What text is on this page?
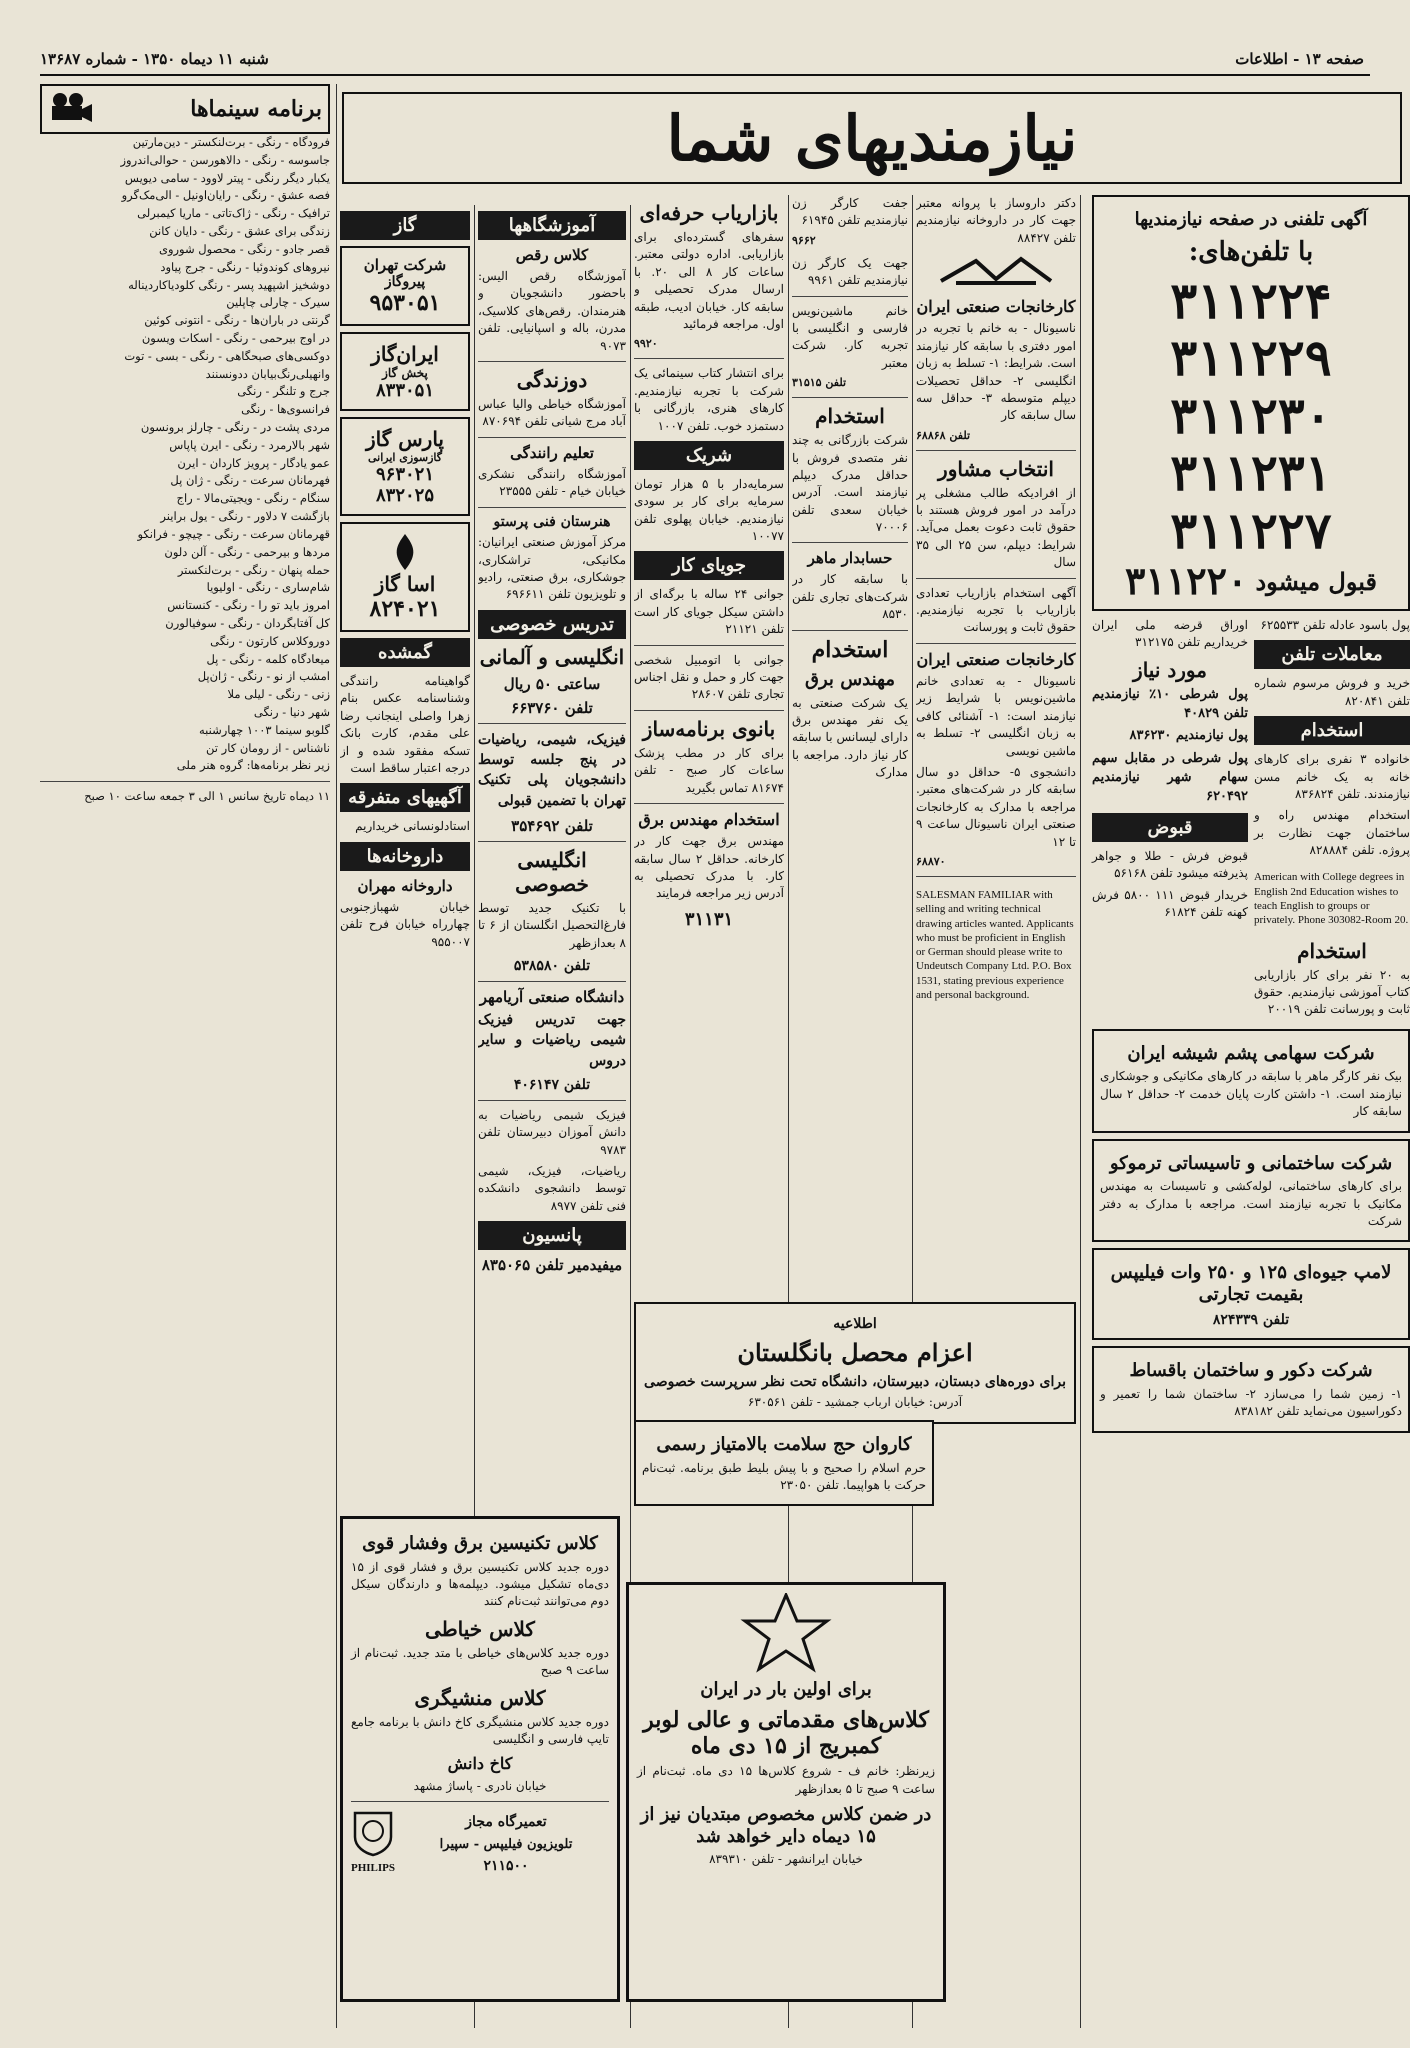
صفحه ۱۳ - اطلاعات
شنبه ۱۱ دیماه ۱۳۵۰ - شماره ۱۳۶۸۷
نیازمندیهای شما
برنامه سینماها
فرودگاه - رنگی - برت‌لنکستر - دین‌مارتین
جاسوسه - رنگی - دالاهورسن - حوالی‌اندروز
یکبار دیگر رنگی - پیتر لاوود - سامی دیویس
فصه عشق - رنگی - رایان‌اونیل - الی‌مک‌گرو
ترافیک - رنگی - ژاک‌تاتی - ماریا کیمبرلی
زندگی برای عشق - رنگی - دایان کانن
قصر جادو - رنگی - محصول شوروی
نیروهای کوندوئیا - رنگی - جرج پیاود
دوشخیز اشپهید پسر - رنگی کلودیاکاردیناله
سیرک - چارلی چاپلین
گرنتی در باران‌ها - رنگی - انتونی کوئین
در اوج بیرحمی - رنگی - اسکات ویسون
دوکسی‌های صبحگاهی - رنگی - بسی - توت
وانهیلی‌رنگ‌بیابان ددونسنند
جرج و تلنگر - رنگی
فرانسوی‌ها - رنگی
مردی پشت در - رنگی - چارلز برونسون
شهر بالارمرد - رنگی - ایرن پاپاس
عمو یادگار - پرویز کاردان - ایرن
فهرمانان سرعت - رنگی - ژان پل
سنگام - رنگی - ویجیتی‌مالا - راج
بازگشت ۷ دلاور - رنگی - یول براینر
قهرمانان سرعت - رنگی - چیچو - فرانکو
مردها و بیرحمی - رنگی - آلن دلون
حمله پنهان - رنگی - برت‌لنکستر
شام‌ساری - رنگی - اولیویا
امروز باید تو را - رنگی - کنستانس
کل آفتابگردان - رنگی - سوفیالورن
دوروکلاس کارتون - رنگی
میعادگاه کلمه - رنگی - پل
امشب از نو - رنگی - ژان‌پل
زنی - رنگی - لیلی ملا
شهر دنیا - رنگی
گلوبو سینما ۱۰۰۳ چهارشنبه
ناشناس - از رومان کار تن
زیر نظر برنامه‌ها: گروه هنر ملی
۱۱ دیماه تاریخ سانس ۱ الی ۳ جمعه ساعت ۱۰ صبح
گاز
شرکت تهران
پیرو‌گاز
۹۵۳۰۵۱
ایران‌گاز
پخش گاز
۸۳۳۰۵۱
پارس گاز
گازسوزی ایرانی
۹۶۳۰۲۱
۸۳۲۰۲۵
اسا گاز
۸۲۴۰۲۱
گمشده

گواهینامه رانندگی وشناسنامه عکس بنام زهرا واصلی اینجانب رضا علی مقدم، کارت بانک تسکه مفقود شده و از درجه اعتبار ساقط است

آگهیهای متفرقه

استادلونسانی خریداریم

داروخانه‌ها
داروخانه مهران

خیابان شهبازجنوبی چهارراه خیابان فرح تلفن ۹۵۵۰۰۷

آموزشگاهها
کلاس رقص

آموزشگاه رقص الیس: باحضور دانشجویان و هنرمندان. رقص‌های کلاسیک، مدرن، باله و اسپانیایی. تلفن ۹۰۷۳

دوزندگی

آموزشگاه خیاطی والیا عباس آباد مرج شیانی تلفن ۸۷۰۶۹۴

تعلیم رانندگی

آموزشگاه رانندگی نشکری خیابان خیام - تلفن ۲۳۵۵۵

هنرستان فنی پرستو

مرکز آموزش صنعتی ایرانیان: مکانیکی، تراشکاری، جوشکاری، برق صنعتی، رادیو و تلویزیون تلفن ۶۹۶۶۱۱

تدریس خصوصی
انگلیسی و آلمانی
ساعتی ۵۰ ریال
تلفن ۶۶۳۷۶۰

فیزیک، شیمی، ریاضیات در پنج جلسه توسط دانشجویان پلی تکنیک تهران با تضمین قبولی

تلفن ۳۵۴۶۹۲
انگلیسی خصوصی

با تکنیک جدید توسط فارغ‌التحصیل انگلستان از ۶ تا ۸ بعدازظهر

تلفن ۵۳۸۵۸۰
دانشگاه صنعتی آریامهر

جهت تدریس فیزیک شیمی ریاضیات و سایر دروس

تلفن ۴۰۶۱۴۷

فیزیک شیمی ریاضیات به دانش آموزان دبیرستان تلفن ۹۷۸۳

ریاضیات، فیزیک، شیمی توسط دانشجوی دانشکده فنی تلفن ۸۹۷۷

پانسیون
میفیدمیر تلفن ۸۳۵۰۶۵
بازاریاب حرفه‌ای

سفرهای گسترده‌ای برای بازاریابی. اداره دولتی معتبر. ساعات کار ۸ الی ۲۰. با ارسال مدرک تحصیلی و سابقه کار. خیابان ادیب، طبقه اول. مراجعه فرمائید

۹۹۲۰

برای انتشار کتاب سینمائی یک شرکت با تجربه نیازمندیم. کارهای هنری، بازرگانی با دستمزد خوب. تلفن ۱۰۰۷

شریک

سرمایه‌دار با ۵ هزار تومان سرمایه برای کار بر سودی نیازمندیم. خیابان پهلوی تلفن ۱۰۰۷۷

جویای کار

جوانی ۲۴ ساله با برگه‌ای از داشتن سیکل جویای کار است تلفن ۲۱۱۲۱

جوانی با اتومبیل شخصی جهت کار و حمل و نقل اجناس تجاری تلفن ۲۸۶۰۷

بانوی برنامه‌ساز

برای کار در مطب پزشک ساعات کار صبح - تلفن ۸۱۶۷۴ تماس بگیرید

استخدام مهندس برق

مهندس برق جهت کار در کارخانه. حداقل ۲ سال سابقه کار. با مدرک تحصیلی به آدرس زیر مراجعه فرمایند

۳۱۱۳۱

جفت کارگر زن نیازمندیم تلفن ۶۱۹۴۵

۹۶۶۲

جهت یک کارگر زن نیازمندیم تلفن ۹۹۶۱

خانم ماشین‌نویس فارسی و انگلیسی با تجربه کار. شرکت معتبر

تلفن ۳۱۵۱۵
استخدام

شرکت بازرگانی به چند نفر متصدی فروش با حداقل مدرک دیپلم نیازمند است. آدرس خیابان سعدی تلفن ۷۰۰۰۶

حسابدار ماهر

با سابقه کار در شرکت‌های تجاری تلفن ۸۵۳۰

استخدام
مهندس برق

یک شرکت صنعتی به یک نفر مهندس برق دارای لیسانس با سابقه کار نیاز دارد. مراجعه با مدارک

دکتر داروساز با پروانه معتبر جهت کار در داروخانه نیازمندیم تلفن ۸۸۴۲۷

کارخانجات صنعتی ایران

ناسیونال - به خانم با تجربه در امور دفتری با سابقه کار نیازمند است. شرایط: ۱- تسلط به زبان انگلیسی ۲- حداقل تحصیلات دیپلم متوسطه ۳- حداقل سه سال سابقه کار

تلفن ۶۸۸۶۸
انتخاب مشاور

از افرادیکه طالب مشغلی پر درآمد در امور فروش هستند با حقوق ثابت دعوت بعمل می‌آید. شرایط: دیپلم، سن ۲۵ الی ۳۵ سال

آگهی استخدام بازاریاب تعدادی بازاریاب با تجربه نیازمندیم. حقوق ثابت و پورسانت

کارخانجات صنعتی ایران

ناسیونال - به تعدادی خانم ماشین‌نویس با شرایط زیر نیازمند است: ۱- آشنائی کافی به زبان انگلیسی ۲- تسلط به ماشین نویسی

دانشجوی ۵- حداقل دو سال سابقه کار در شرکت‌های معتبر. مراجعه با مدارک به کارخانجات صنعتی ایران ناسیونال ساعت ۹ تا ۱۲

۶۸۸۷۰

SALESMAN FAMILIAR with selling and writing technical drawing articles wanted. Applicants who must be proficient in English or German should please write to Undeutsch Company Ltd. P.O. Box 1531, stating previous experience and personal background.

آگهی تلفنی در صفحه نیازمندیها
با تلفن‌های:
۳۱۱۲۲۴
۳۱۱۲۲۹
۳۱۱۲۳۰
۳۱۱۲۳۱
۳۱۱۲۲۷
قبول میشود
۳۱۱۲۲۰

پول باسود عادله تلفن ۶۲۵۵۳۳

معاملات تلفن

خرید و فروش مرسوم شماره تلفن ۸۲۰۸۴۱

استخدام

خانواده ۳ نفری برای کارهای خانه به یک خانم مسن نیازمندند. تلفن ۸۳۶۸۲۴

استخدام مهندس راه و ساختمان جهت نظارت بر پروژه. تلفن ۸۲۸۸۸۴

American with College degrees in English 2nd Education wishes to teach English to groups or privately. Phone 303082-Room 20.

استخدام

به ۲۰ نفر برای کار بازاریابی کتاب آموزشی نیازمندیم. حقوق ثابت و پورسانت تلفن ۲۰۰۱۹

اوراق قرضه ملی ایران خریداریم تلفن ۳۱۲۱۷۵

مورد نیاز

پول شرطی ۱۰٪ نیازمندیم تلفن ۴۰۸۲۹

پول نیازمندیم ۸۳۶۲۳۰

پول شرطی در مقابل سهم سهام شهر نیازمندیم ۶۲۰۴۹۲

قبوض

قبوض فرش - طلا و جواهر پذیرفته میشود تلفن ۵۶۱۶۸

خریدار قبوض ۱۱۱ ۵۸۰۰ فرش کهنه تلفن ۶۱۸۲۴

شرکت سهامی پشم شیشه ایران

بیک نفر کارگر ماهر با سابقه در کارهای مکانیکی و جوشکاری نیازمند است. ۱- داشتن کارت پایان خدمت ۲- حداقل ۲ سال سابقه کار

شرکت ساختمانی و تاسیساتی ترموکو

برای کارهای ساختمانی، لوله‌کشی و تاسیسات به مهندس مکانیک با تجربه نیازمند است. مراجعه با مدارک به دفتر شرکت

لامپ جیوه‌ای ۱۲۵ و ۲۵۰ وات فیلیپس بقیمت تجارتی
تلفن ۸۲۴۳۳۹
شرکت دکور و ساختمان باقساط

۱- زمین شما را می‌سازد ۲- ساختمان شما را تعمیر و دکوراسیون می‌نماید تلفن ۸۳۸۱۸۲

اطلاعیه
اعزام محصل بانگلستان
برای دوره‌های دبستان، دبیرستان، دانشگاه تحت نظر سرپرست خصوصی

آدرس: خیابان ارباب جمشید - تلفن ۶۳۰۵۶۱

کاروان حج سلامت بالامتیاز رسمی

حرم اسلام را صحیح و با پیش بلیط طبق برنامه. ثبت‌نام حرکت با هواپیما. تلفن ۲۳۰۵۰

برای اولین بار در ایران
کلاس‌های مقدماتی و عالی لوبر کمبریج از ۱۵ دی ماه

زیرنظر: خانم ف - شروع کلاس‌ها ۱۵ دی ماه. ثبت‌نام از ساعت ۹ صبح تا ۵ بعدازظهر

در ضمن کلاس مخصوص مبتدیان نیز از ۱۵ دیماه دایر خواهد شد

خیابان ایرانشهر - تلفن ۸۳۹۳۱۰

کلاس تکنیسین برق وفشار قوی

دوره جدید کلاس تکنیسین برق و فشار قوی از ۱۵ دی‌ماه تشکیل میشود. دیپلمه‌ها و دارندگان سیکل دوم می‌توانند ثبت‌نام کنند

کلاس خیاطی

دوره جدید کلاس‌های خیاطی با متد جدید. ثبت‌نام از ساعت ۹ صبح

کلاس منشیگری

دوره جدید کلاس منشیگری کاخ دانش با برنامه جامع تایپ فارسی و انگلیسی

کاخ دانش

خیابان نادری - پاساژ مشهد

تعمیرگاه مجاز
تلویزیون فیلیپس - سپیرا
۲۱۱۵۰۰
PHILIPS
